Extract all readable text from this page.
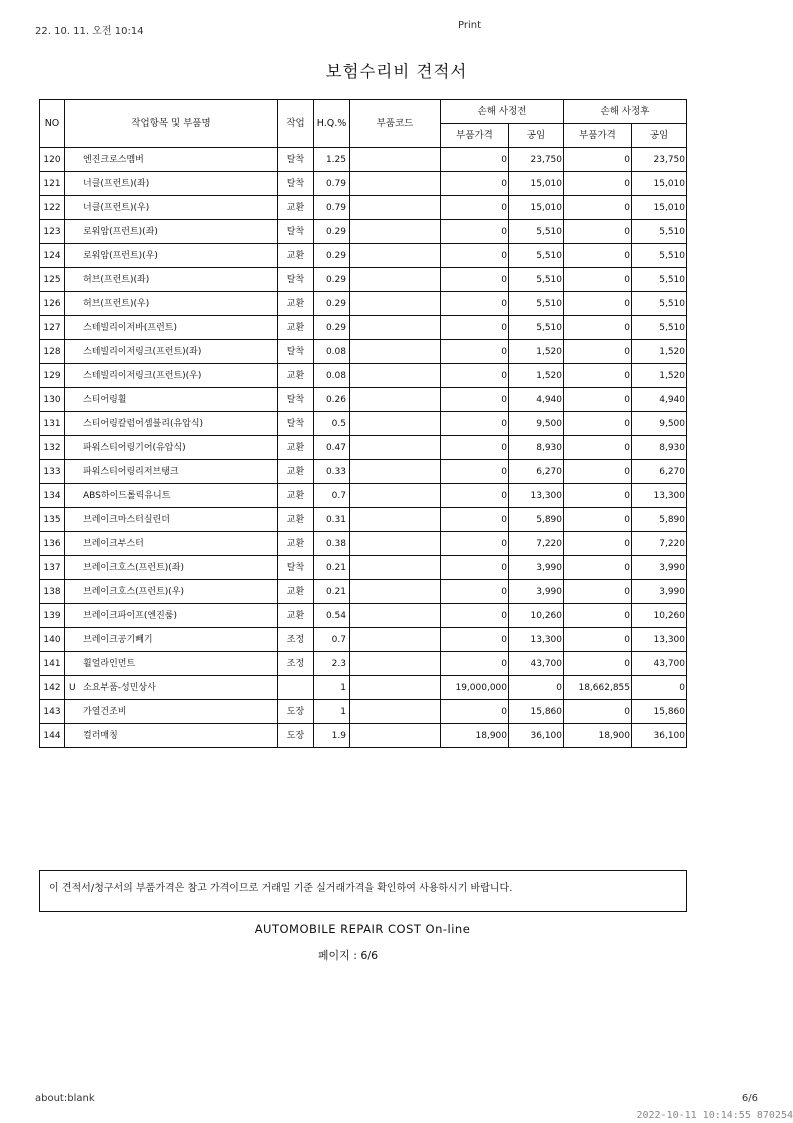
22. 10. 11. 오전 10:14
Print
보험수리비 견적서
NO	작업항목 및 부품명	작업	H.Q.%	부품코드	손해 사정전		손해 사정후	
					부품가격	공임	부품가격	공임
120	엔진크로스멤버	탈착	1.25		0	23,750	0	23,750
121	너클(프런트)(좌)	탈착	0.79		0	15,010	0	15,010
122	너클(프런트)(우)	교환	0.79		0	15,010	0	15,010
123	로워암(프런트)(좌)	탈착	0.29		0	5,510	0	5,510
124	로워암(프런트)(우)	교환	0.29		0	5,510	0	5,510
125	허브(프런트)(좌)	탈착	0.29		0	5,510	0	5,510
126	허브(프런트)(우)	교환	0.29		0	5,510	0	5,510
127	스테빌리이저바(프런트)	교환	0.29		0	5,510	0	5,510
128	스테빌리이저링크(프런트)(좌)	탈착	0.08		0	1,520	0	1,520
129	스테빌리이저링크(프런트)(우)	교환	0.08		0	1,520	0	1,520
130	스티어링휠	탈착	0.26		0	4,940	0	4,940
131	스티어링칼럼어셈블리(유압식)	탈착	0.5		0	9,500	0	9,500
132	파워스티어링기어(유압식)	교환	0.47		0	8,930	0	8,930
133	파워스티어링리저브탱크	교환	0.33		0	6,270	0	6,270
134	ABS하이드롤릭유니트	교환	0.7		0	13,300	0	13,300
135	브레이크마스터실린더	교환	0.31		0	5,890	0	5,890
136	브레이크부스터	교환	0.38		0	7,220	0	7,220
137	브레이크호스(프런트)(좌)	탈착	0.21		0	3,990	0	3,990
138	브레이크호스(프런트)(우)	교환	0.21		0	3,990	0	3,990
139	브레이크파이프(엔진룸)	교환	0.54		0	10,260	0	10,260
140	브레이크공기빼기	조정	0.7		0	13,300	0	13,300
141	휠얼라인먼트	조정	2.3		0	43,700	0	43,700
142	U 소요부품-성민상사		1		19,000,000	0	18,662,855	0
143	가열건조비	도장	1		0	15,860	0	15,860
144	컬러매칭	도장	1.9		18,900	36,100	18,900	36,100
이 견적서/청구서의 부품가격은 참고 가격이므로 거래일 기준 실거래가격을 확인하여 사용하시기 바랍니다.
AUTOMOBILE REPAIR COST On-line
페이지 : 6/6
about:blank	6/6
2022-10-11 10:14:55 870254
